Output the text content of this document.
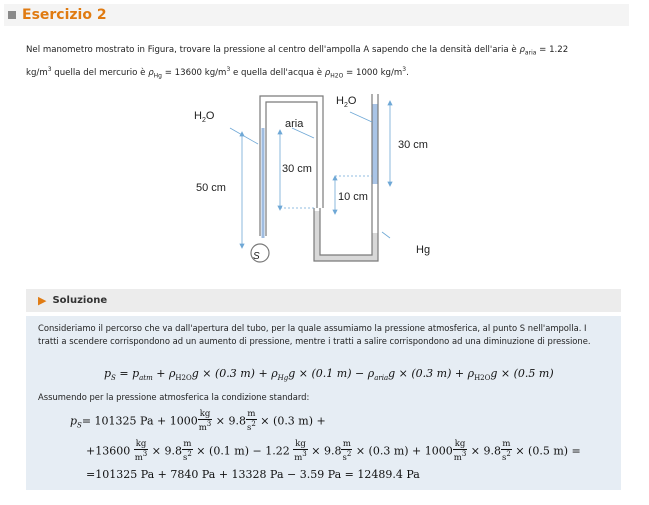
Esercizio 2
Nel manometro mostrato in Figura, trovare la pressione al centro dell'ampolla A sapendo che la densità dell'aria è $\rho_{aria} = 1.22$
$kg/m^3$ quella del mercurio è $\rho_{Hg} = 13600$ $kg/m^3$ e quella dell'acqua è $\rho_{H2O} = 1000$ $kg/m^3$.
$H_2O$
$H_2O$
aria
50 cm
30 cm
10 cm
30 cm
Hg
S
▶ Soluzione
Consideriamo il percorso che va dall'apertura del tubo, per la quale assumiamo la pressione atmosferica, al punto S nell'ampolla. I tratti a scendere corrispondono ad un aumento di pressione, mentre i tratti a salire corrispondono ad una diminuzione di pressione.
$p_S = p_{atm} + \rho_{H2O}g \times (0.3$ $m) + \rho_{Hg}g \times (0.1$ $m) - \rho_{aria}g \times (0.3$ $m) + \rho_{H2O}g \times (0.5$ m)
Assumendo per la pressione atmosferica la condizione standard:
$p_S= 101325$ $Pa + 1000 \frac{kg}{m^3} \times 9.8 \frac{m}{s^2} \times (0.3$ m) +
$+13600 \frac{kg}{m^3} \times 9.8 \frac{m}{s^2} \times (0.1$ $m) - 1.22 \frac{kg}{m^3} \times 9.8 \frac{m}{s^2} \times (0.3$ $m) + 1000 \frac{kg}{m^3} \times 9.8 \frac{m}{s^2} \times (0.5$ m) =
=101325 Pa + 7840 Pa + 13328 Pa − 3.59 Pa = 12489.4 Pa
